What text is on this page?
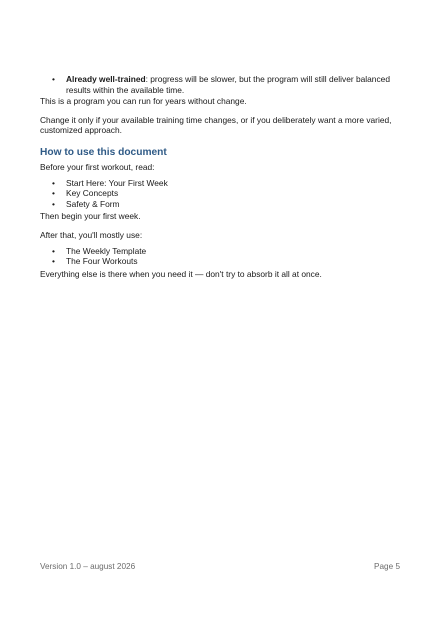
• Already well-trained: progress will be slower, but the program will still deliver balanced results within the available time.

This is a program you can run for years without change.

Change it only if your available training time changes, or if you deliberately want a more varied, customized approach.

How to use this document

Before your first workout, read:

• Start Here: Your First Week
• Key Concepts
• Safety & Form

Then begin your first week.

After that, you'll mostly use:

• The Weekly Template
• The Four Workouts

Everything else is there when you need it — don't try to absorb it all at once.

Version 1.0 – august 2026	Page 5
